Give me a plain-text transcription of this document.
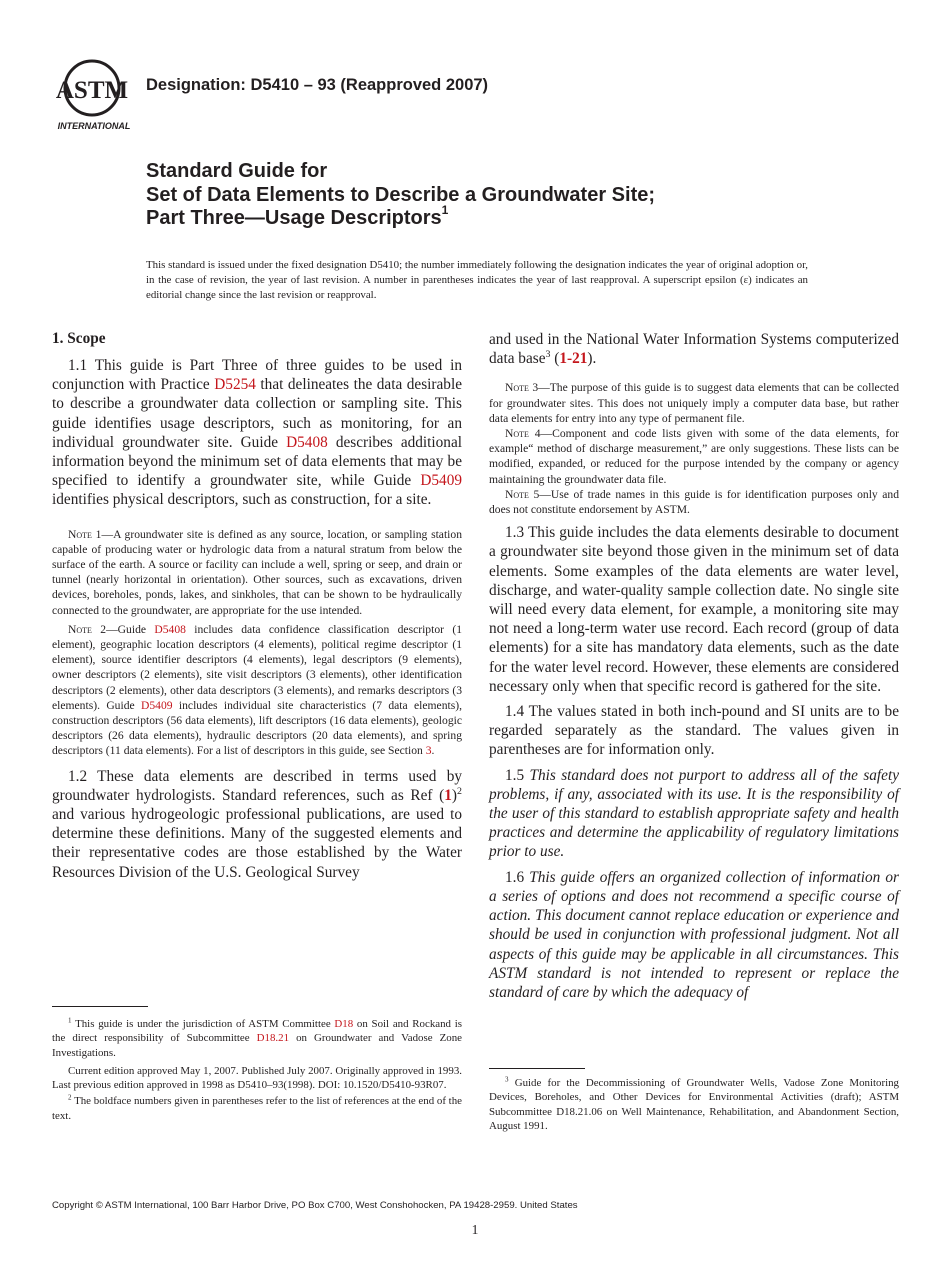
ASTM
INTERNATIONAL
Designation: D5410 – 93 (Reapproved 2007)
Standard Guide for
Set of Data Elements to Describe a Groundwater Site;
Part Three—Usage Descriptors$^1$
This standard is issued under the fixed designation D5410; the number immediately following the designation indicates the year of original adoption or, in the case of revision, the year of last revision. A number in parentheses indicates the year of last reapproval. A superscript epsilon (ε) indicates an editorial change since the last revision or reapproval.

1. Scope

1.1 This guide is Part Three of three guides to be used in conjunction with Practice D5254 that delineates the data desirable to describe a groundwater data collection or sampling site. This guide identifies usage descriptors, such as monitoring, for an individual groundwater site. Guide D5408 describes additional information beyond the minimum set of data elements that may be specified to identify a groundwater site, while Guide D5409 identifies physical descriptors, such as construction, for a site.

Note 1—A groundwater site is defined as any source, location, or sampling station capable of producing water or hydrologic data from a natural stratum from below the surface of the earth. A source or facility can include a well, spring or seep, and drain or tunnel (nearly horizontal in orientation). Other sources, such as excavations, driven devices, boreholes, ponds, lakes, and sinkholes, that can be shown to be hydraulically connected to the groundwater, are appropriate for the use intended.

Note 2—Guide D5408 includes data confidence classification descriptor (1 element), geographic location descriptors (4 elements), political regime descriptor (1 element), source identifier descriptors (4 elements), legal descriptors (9 elements), owner descriptors (2 elements), site visit descriptors (3 elements), other identification descriptors (2 elements), other data descriptors (3 elements), and remarks descriptors (3 elements). Guide D5409 includes individual site characteristics (7 data elements), construction descriptors (56 data elements), lift descriptors (16 data elements), geologic descriptors (26 data elements), hydraulic descriptors (20 data elements), and spring descriptors (11 data elements). For a list of descriptors in this guide, see Section 3.

1.2 These data elements are described in terms used by groundwater hydrologists. Standard references, such as Ref $(1)^2$ and various hydrogeologic professional publications, are used to determine these definitions. Many of the suggested elements and their representative codes are those established by the Water Resources Division of the U.S. Geological Survey

$^1$ This guide is under the jurisdiction of ASTM Committee D18 on Soil and Rockand is the direct responsibility of Subcommittee D18.21 on Groundwater and Vadose Zone Investigations.

Current edition approved May 1, 2007. Published July 2007. Originally approved in 1993. Last previous edition approved in 1998 as D5410–93(1998). DOI: 10.1520/D5410-93R07.

$^2$ The boldface numbers given in parentheses refer to the list of references at the end of the text.

and used in the National Water Information Systems computerized data base$^3$ (1-21).

Note 3—The purpose of this guide is to suggest data elements that can be collected for groundwater sites. This does not uniquely imply a computer data base, but rather data elements for entry into any type of permanent file.

Note 4—Component and code lists given with some of the data elements, for example“ method of discharge measurement,” are only suggestions. These lists can be modified, expanded, or reduced for the purpose intended by the company or agency maintaining the groundwater data file.

Note 5—Use of trade names in this guide is for identification purposes only and does not constitute endorsement by ASTM.

1.3 This guide includes the data elements desirable to document a groundwater site beyond those given in the minimum set of data elements. Some examples of the data elements are water level, discharge, and water-quality sample collection date. No single site will need every data element, for example, a monitoring site may not need a long-term water use record. Each record (group of data elements) for a site has mandatory data elements, such as the date for the water level record. However, these elements are considered necessary only when that specific record is gathered for the site.

1.4 The values stated in both inch-pound and SI units are to be regarded separately as the standard. The values given in parentheses are for information only.

1.5 This standard does not purport to address all of the safety problems, if any, associated with its use. It is the responsibility of the user of this standard to establish appropriate safety and health practices and determine the applicability of regulatory limitations prior to use.

1.6 This guide offers an organized collection of information or a series of options and does not recommend a specific course of action. This document cannot replace education or experience and should be used in conjunction with professional judgment. Not all aspects of this guide may be applicable in all circumstances. This ASTM standard is not intended to represent or replace the standard of care by which the adequacy of

$^3$ Guide for the Decommissioning of Groundwater Wells, Vadose Zone Monitoring Devices, Boreholes, and Other Devices for Environmental Activities (draft); ASTM Subcommittee D18.21.06 on Well Maintenance, Rehabilitation, and Abandonment Section, August 1991.

Copyright © ASTM International, 100 Barr Harbor Drive, PO Box C700, West Conshohocken, PA 19428-2959. United States
1
